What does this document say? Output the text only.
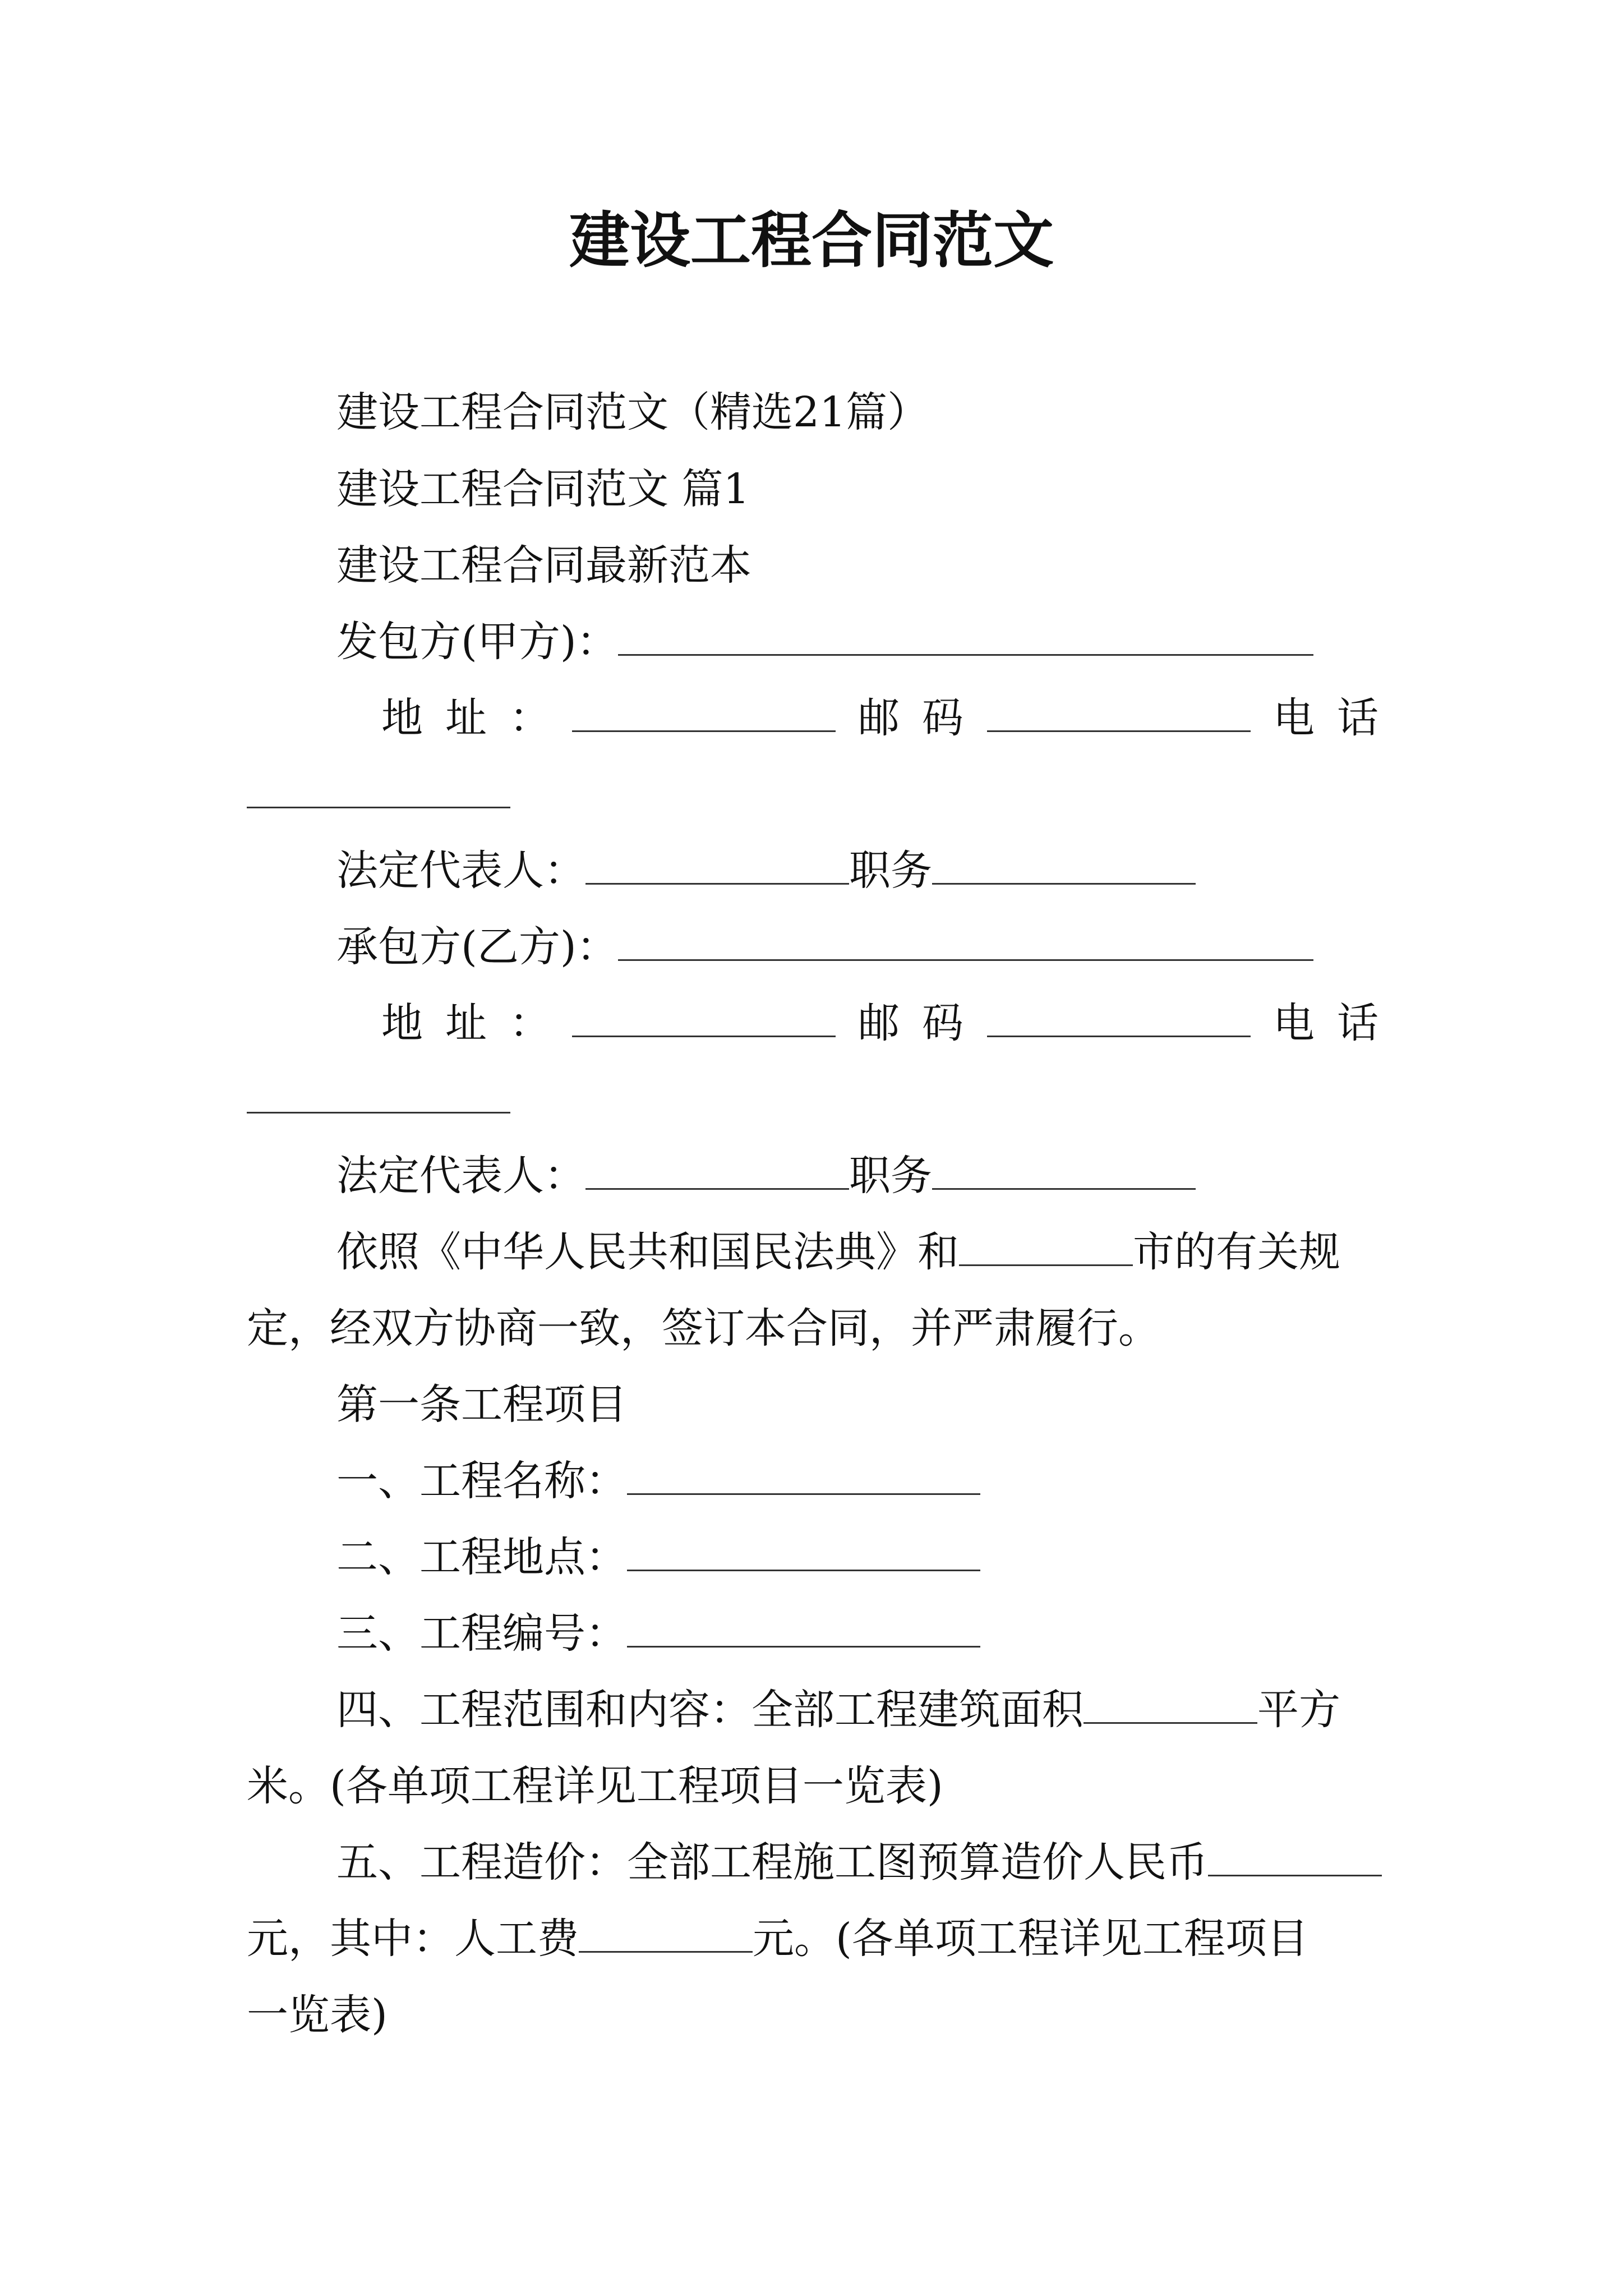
建设工程合同范文
建设工程合同范文（精选21篇）
建设工程合同范文 篇1
建设工程合同最新范本
发包方(甲方)：
地址：	邮码	电话
法定代表人：	职务
承包方(乙方)：
地址：	邮码	电话
法定代表人：	职务
依照《中华人民共和国民法典》和	市的有关规
定，经双方协商一致，签订本合同，并严肃履行。
第一条工程项目
一、工程名称：
二、工程地点：
三、工程编号：
四、工程范围和内容：全部工程建筑面积	平方
米。(各单项工程详见工程项目一览表)
五、工程造价：全部工程施工图预算造价人民币
元，其中：人工费	元。(各单项工程详见工程项目
一览表)
